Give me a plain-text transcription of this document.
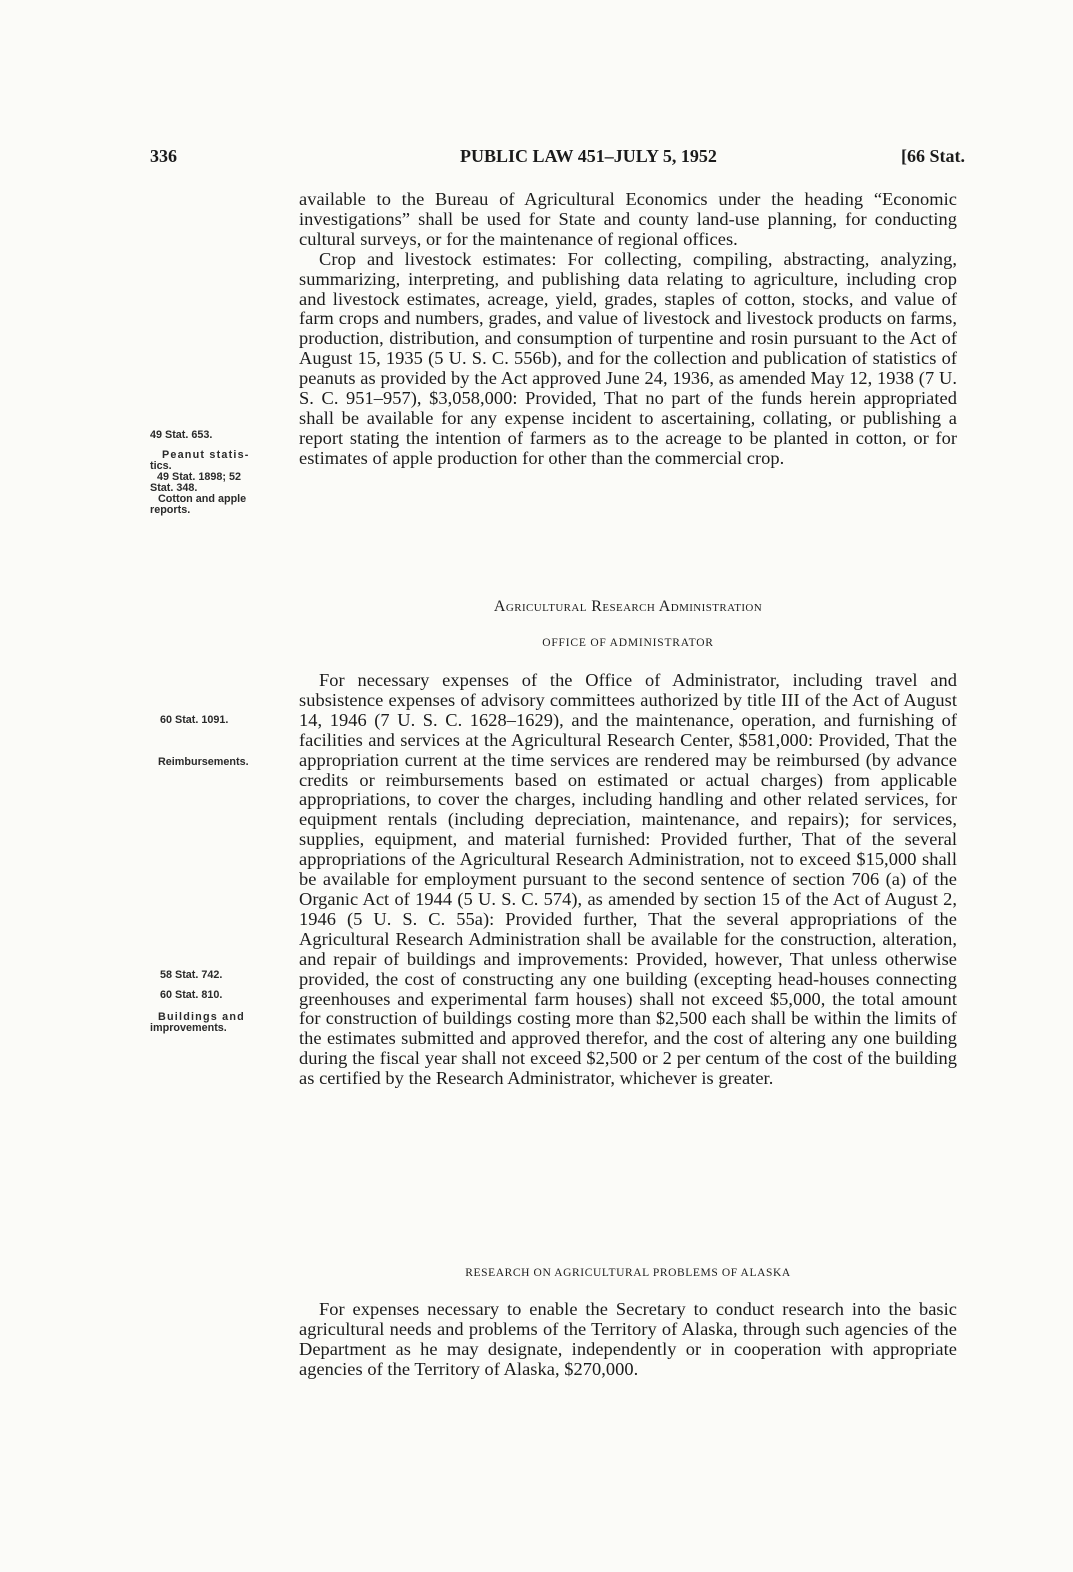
336	PUBLIC LAW 451–JULY 5, 1952	[66 Stat.

available to the Bureau of Agricultural Economics under the heading “Economic investigations” shall be used for State and county land-use planning, for conducting cultural surveys, or for the maintenance of regional offices.

Crop and livestock estimates: For collecting, compiling, abstracting, analyzing, summarizing, interpreting, and publishing data relating to agriculture, including crop and livestock estimates, acreage, yield, grades, staples of cotton, stocks, and value of farm crops and numbers, grades, and value of livestock and livestock products on farms, production, distribution, and consumption of turpentine and rosin pursuant to the Act of August 15, 1935 (5 U. S. C. 556b), and for the collection and publication of statistics of peanuts as provided by the Act approved June 24, 1936, as amended May 12, 1938 (7 U. S. C. 951–957), $3,058,000: Provided, That no part of the funds herein appropriated shall be available for any expense incident to ascertaining, collating, or publishing a report stating the intention of farmers as to the acreage to be planted in cotton, or for estimates of apple production for other than the commercial crop.

Agricultural Research Administration
OFFICE OF ADMINISTRATOR

For necessary expenses of the Office of Administrator, including travel and subsistence expenses of advisory committees authorized by title III of the Act of August 14, 1946 (7 U. S. C. 1628–1629), and the maintenance, operation, and furnishing of facilities and services at the Agricultural Research Center, $581,000: Provided, That the appropriation current at the time services are rendered may be reimbursed (by advance credits or reimbursements based on estimated or actual charges) from applicable appropriations, to cover the charges, including handling and other related services, for equipment rentals (including depreciation, maintenance, and repairs); for services, supplies, equipment, and material furnished: Provided further, That of the several appropriations of the Agricultural Research Administration, not to exceed $15,000 shall be available for employment pursuant to the second sentence of section 706 (a) of the Organic Act of 1944 (5 U. S. C. 574), as amended by section 15 of the Act of August 2, 1946 (5 U. S. C. 55a): Provided further, That the several appropriations of the Agricultural Research Administration shall be available for the construction, alteration, and repair of buildings and improvements: Provided, however, That unless otherwise provided, the cost of constructing any one building (excepting head-houses connecting greenhouses and experimental farm houses) shall not exceed $5,000, the total amount for construction of buildings costing more than $2,500 each shall be within the limits of the estimates submitted and approved therefor, and the cost of altering any one building during the fiscal year shall not exceed $2,500 or 2 per centum of the cost of the building as certified by the Research Administrator, whichever is greater.

RESEARCH ON AGRICULTURAL PROBLEMS OF ALASKA

For expenses necessary to enable the Secretary to conduct research into the basic agricultural needs and problems of the Territory of Alaska, through such agencies of the Department as he may designate, independently or in cooperation with appropriate agencies of the Territory of Alaska, $270,000.

49 Stat. 653.
Peanut statis-
tics.
49 Stat. 1898; 52
Stat. 348.
Cotton and apple
reports.
60 Stat. 1091.
Reimbursements.
58 Stat. 742.
60 Stat. 810.
Buildings and
improvements.
